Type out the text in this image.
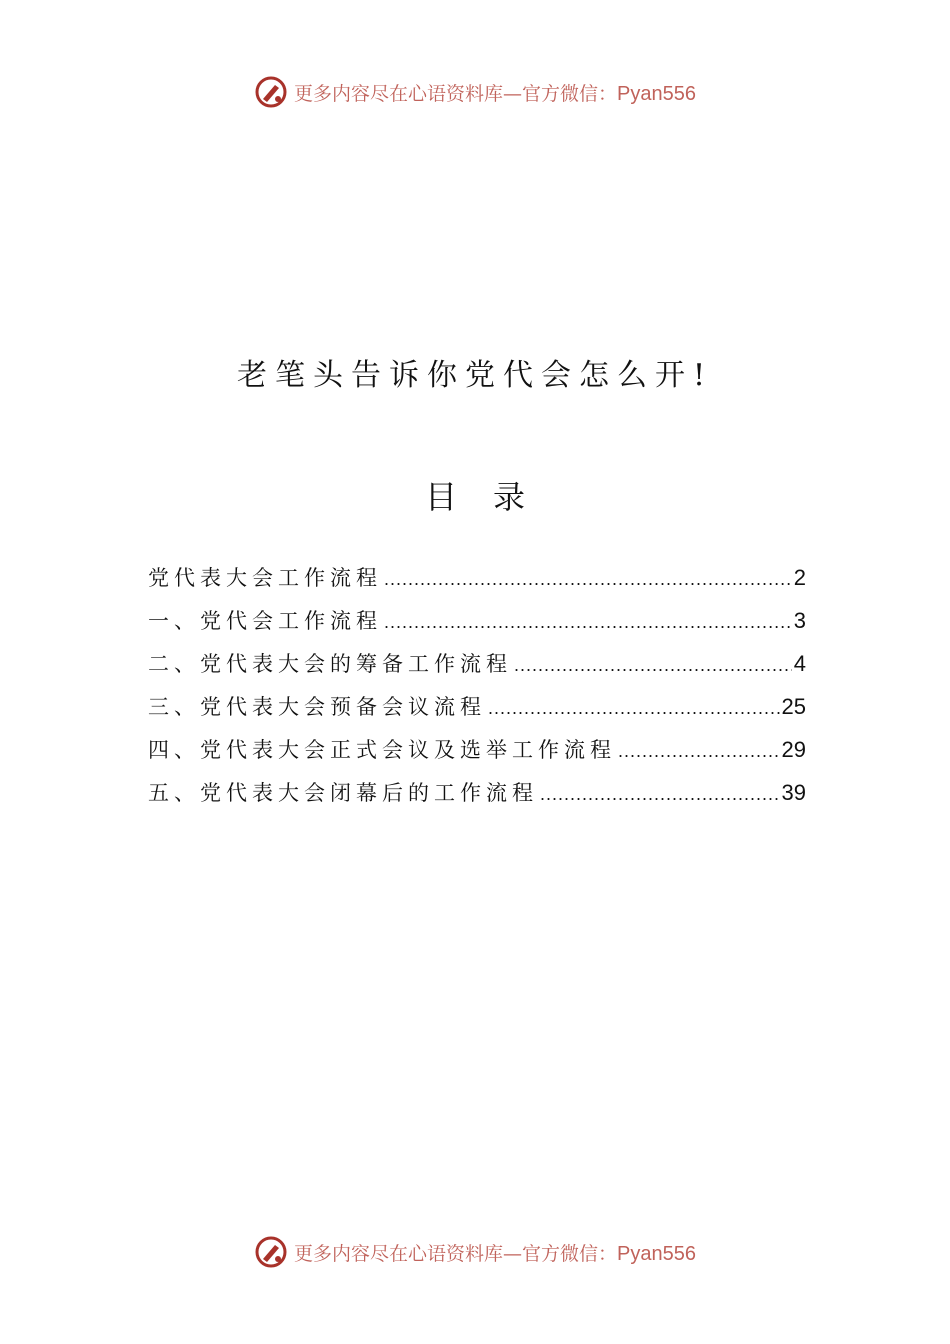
更多内容尽在心语资料库—官方微信：Pyan556
老笔头告诉你党代会怎么开!
目录
党代表大会工作流程 .....	2
一、党代会工作流程 .....	3
二、党代表大会的筹备工作流程 .....	4
三、党代表大会预备会议流程 .....	25
四、党代表大会正式会议及选举工作流程 .....	29
五、党代表大会闭幕后的工作流程 .....	39
更多内容尽在心语资料库—官方微信：Pyan556
